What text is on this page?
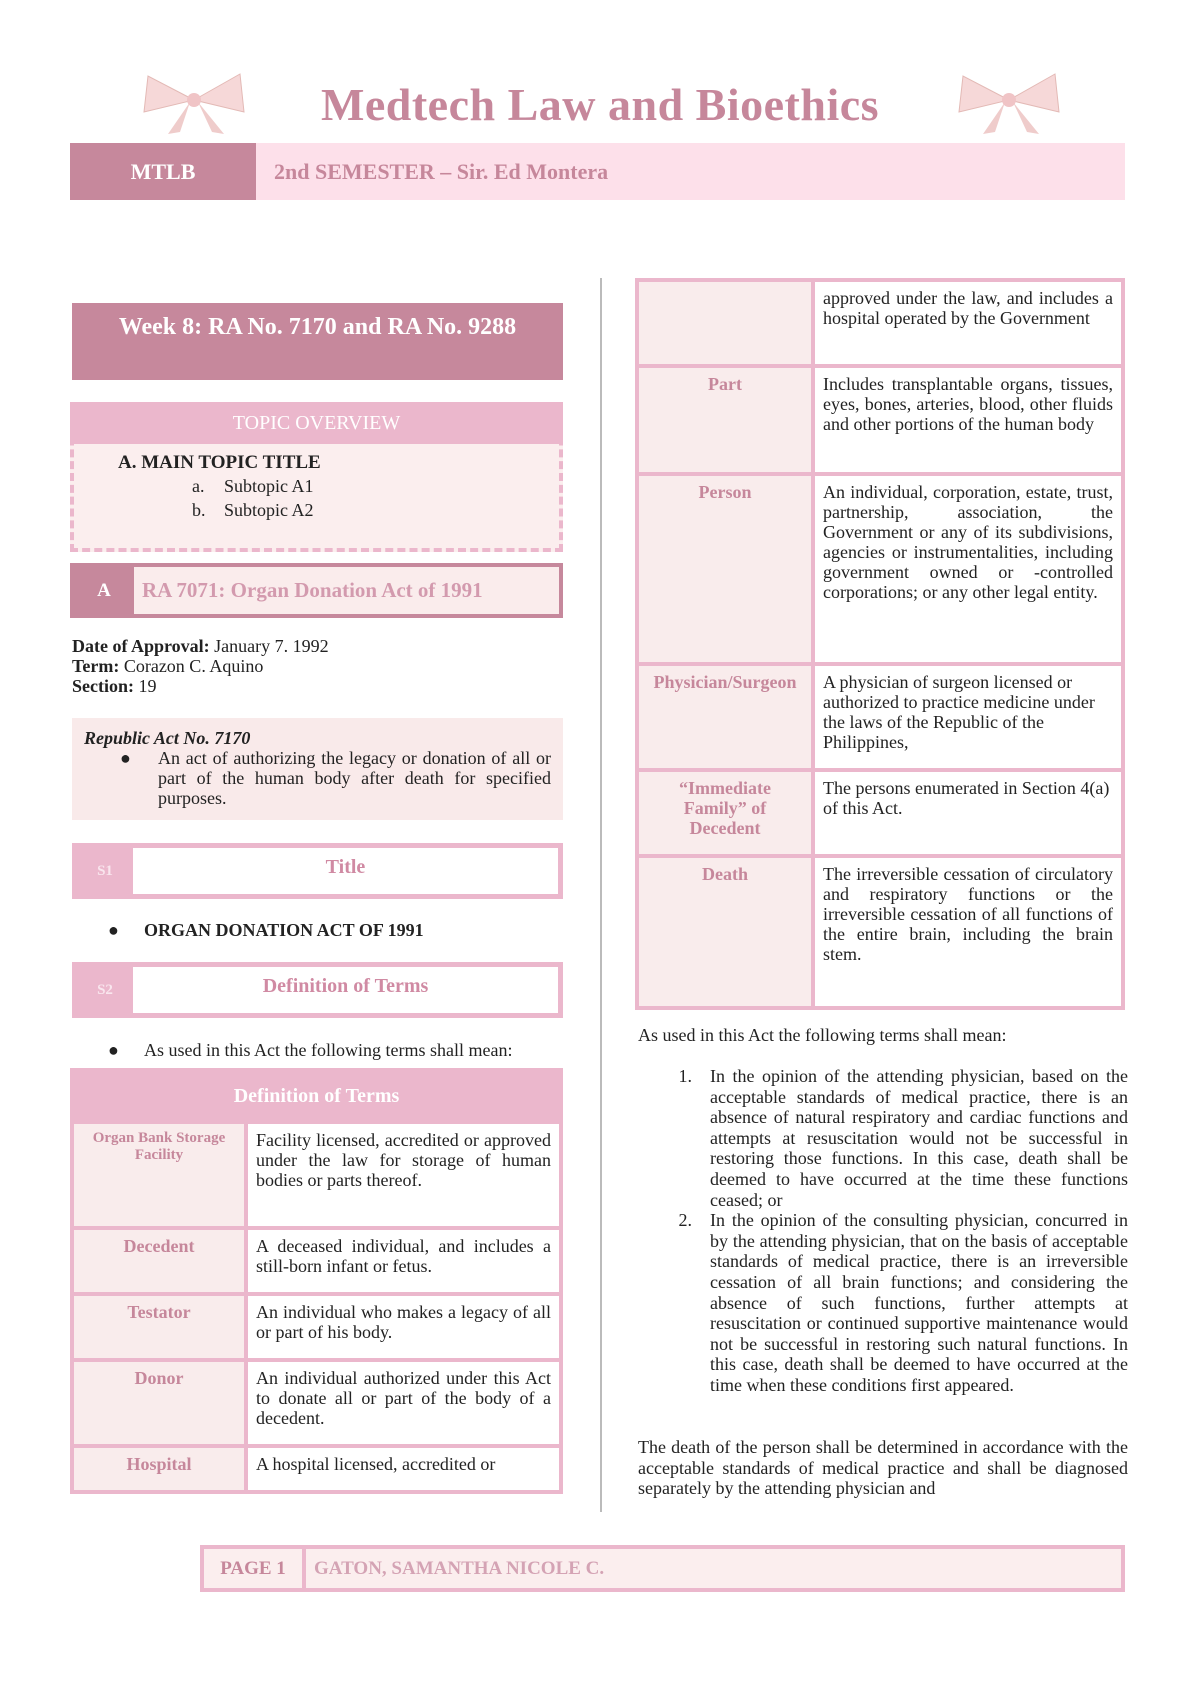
Medtech Law and Bioethics
MTLB	2nd SEMESTER – Sir. Ed Montera
Week 8: RA No. 7170 and RA No. 9288
TOPIC OVERVIEW
A. MAIN TOPIC TITLE
a. Subtopic A1
b. Subtopic A2
A	RA 7071: Organ Donation Act of 1991
Date of Approval: January 7. 1992
Term: Corazon C. Aquino
Section: 19
Republic Act No. 7170
●	An act of authorizing the legacy or donation of all or part of the human body after death for specified purposes.
S1	Title
●	ORGAN DONATION ACT OF 1991
S2	Definition of Terms
●	As used in this Act the following terms shall mean:
Definition of Terms	
Organ Bank Storage Facility	Facility licensed, accredited or approved under the law for storage of human bodies or parts thereof.
Decedent	A deceased individual, and includes a still-born infant or fetus.
Testator	An individual who makes a legacy of all or part of his body.
Donor	An individual authorized under this Act to donate all or part of the body of a decedent.
Hospital	A hospital licensed, accredited or
	approved under the law, and includes a hospital operated by the Government
Part	Includes transplantable organs, tissues, eyes, bones, arteries, blood, other fluids and other portions of the human body
Person	An individual, corporation, estate, trust, partnership, association, the Government or any of its subdivisions, agencies or instrumentalities, including government owned or -controlled corporations; or any other legal entity.
Physician/Surgeon	A physician of surgeon licensed or authorized to practice medicine under the laws of the Republic of the Philippines,
“Immediate Family” of Decedent	The persons enumerated in Section 4(a) of this Act.
Death	The irreversible cessation of circulatory and respiratory functions or the irreversible cessation of all functions of the entire brain, including the brain stem.
As used in this Act the following terms shall mean:
1.	In the opinion of the attending physician, based on the acceptable standards of medical practice, there is an absence of natural respiratory and cardiac functions and attempts at resuscitation would not be successful in restoring those functions. In this case, death shall be deemed to have occurred at the time these functions ceased; or
2.	In the opinion of the consulting physician, concurred in by the attending physician, that on the basis of acceptable standards of medical practice, there is an irreversible cessation of all brain functions; and considering the absence of such functions, further attempts at resuscitation or continued supportive maintenance would not be successful in restoring such natural functions. In this case, death shall be deemed to have occurred at the time when these conditions first appeared.
The death of the person shall be determined in accordance with the acceptable standards of medical practice and shall be diagnosed separately by the attending physician and
PAGE 1	GATON, SAMANTHA NICOLE C.
